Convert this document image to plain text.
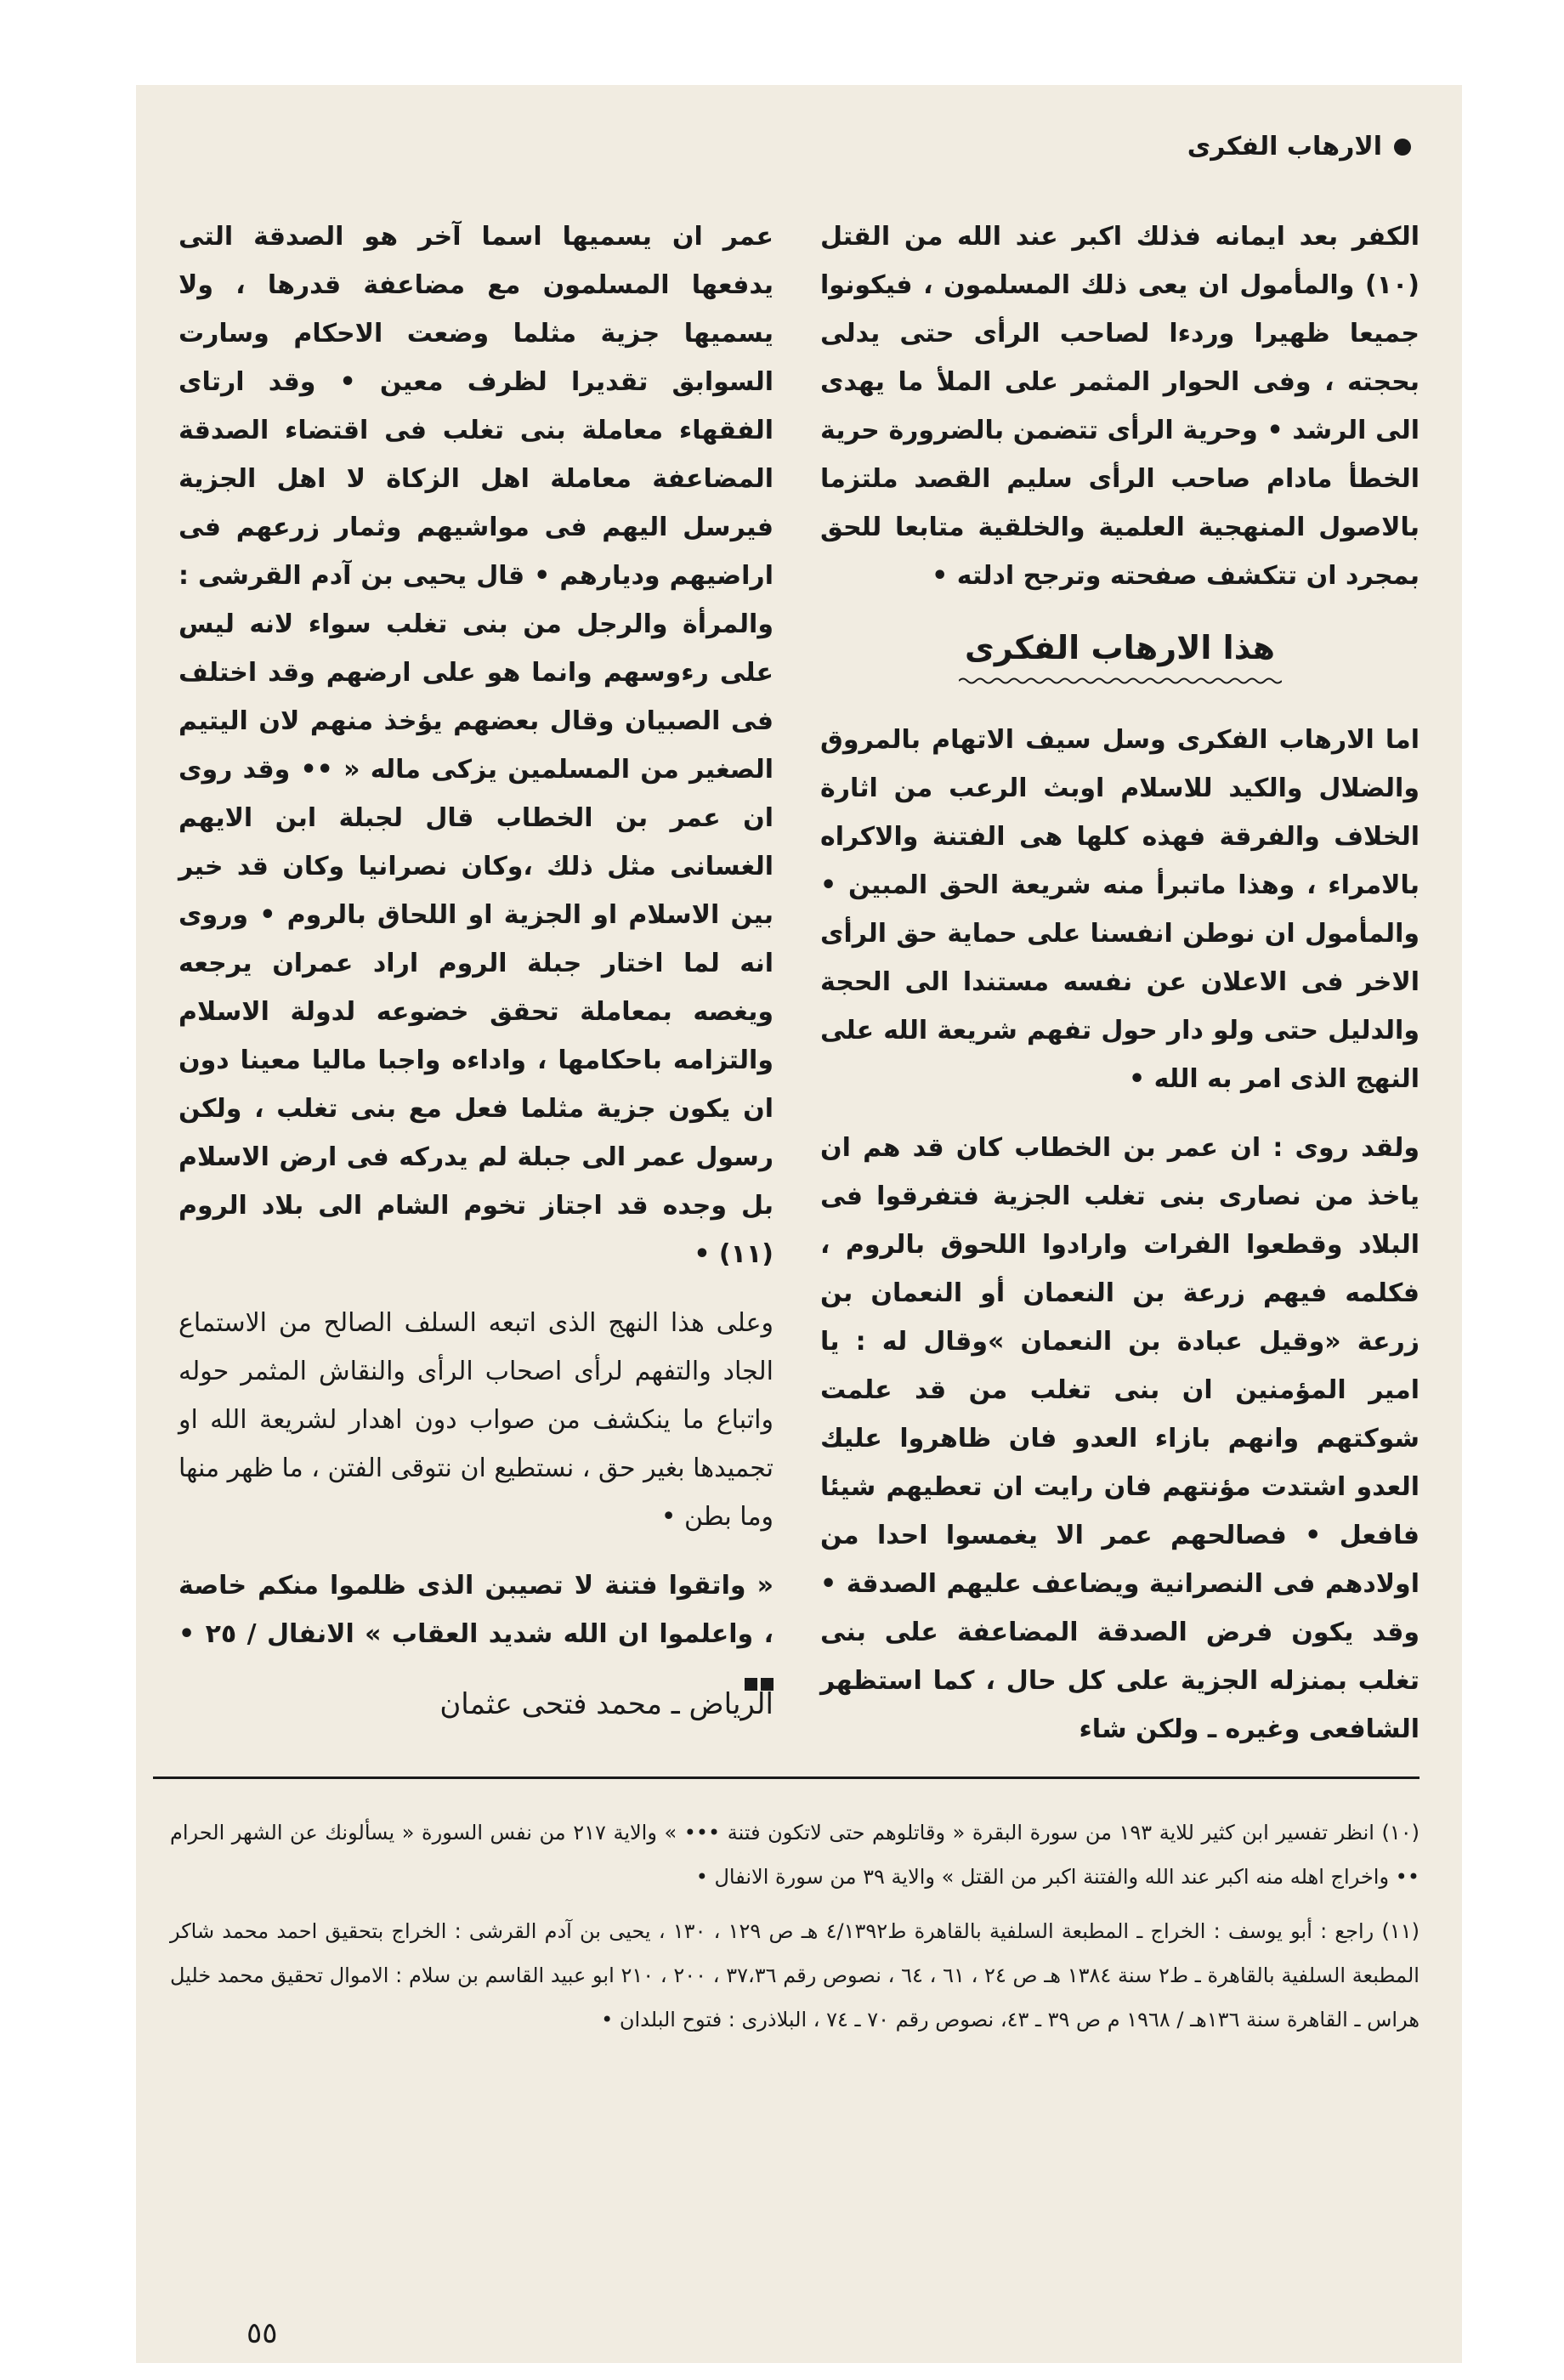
الارهاب الفكرى

الكفر بعد ايمانه فذلك اكبر عند الله من القتل (١٠) والمأمول ان يعى ذلك المسلمون ، فيكونوا جميعا ظهيرا وردءا لصاحب الرأى حتى يدلى بحجته ، وفى الحوار المثمر على الملأ ما يهدى الى الرشد • وحرية الرأى تتضمن بالضرورة حرية الخطأ مادام صاحب الرأى سليم القصد ملتزما بالاصول المنهجية العلمية والخلقية متابعا للحق بمجرد ان تتكشف صفحته وترجح ادلته •

هذا الارهاب الفكرى

اما الارهاب الفكرى وسل سيف الاتهام بالمروق والضلال والكيد للاسلام اوبث الرعب من اثارة الخلاف والفرقة فهذه كلها هى الفتنة والاكراه بالامراء ، وهذا ماتبرأ منه شريعة الحق المبين • والمأمول ان نوطن انفسنا على حماية حق الرأى الاخر فى الاعلان عن نفسه مستندا الى الحجة والدليل حتى ولو دار حول تفهم شريعة الله على النهج الذى امر به الله •

ولقد روى : ان عمر بن الخطاب كان قد هم ان ياخذ من نصارى بنى تغلب الجزية فتفرقوا فى البلاد وقطعوا الفرات وارادوا اللحوق بالروم ، فكلمه فيهم زرعة بن النعمان أو النعمان بن زرعة «وقيل عبادة بن النعمان »وقال له : يا امير المؤمنين ان بنى تغلب من قد علمت شوكتهم وانهم بازاء العدو فان ظاهروا عليك العدو اشتدت مؤنتهم فان رايت ان تعطيهم شيئا فافعل • فصالحهم عمر الا يغمسوا احدا من اولادهم فى النصرانية ويضاعف عليهم الصدقة • وقد يكون فرض الصدقة المضاعفة على بنى تغلب بمنزله الجزية على كل حال ، كما استظهر الشافعى وغيره ـ ولكن شاء

عمر ان يسميها اسما آخر هو الصدقة التى يدفعها المسلمون مع مضاعفة قدرها ، ولا يسميها جزية مثلما وضعت الاحكام وسارت السوابق تقديرا لظرف معين • وقد ارتاى الفقهاء معاملة بنى تغلب فى اقتضاء الصدقة المضاعفة معاملة اهل الزكاة لا اهل الجزية فيرسل اليهم فى مواشيهم وثمار زرعهم فى اراضيهم وديارهم • قال يحيى بن آدم القرشى : والمرأة والرجل من بنى تغلب سواء لانه ليس على رءوسهم وانما هو على ارضهم وقد اختلف فى الصبيان وقال بعضهم يؤخذ منهم لان اليتيم الصغير من المسلمين يزكى ماله « •• وقد روى ان عمر بن الخطاب قال لجبلة ابن الايهم الغسانى مثل ذلك ،وكان نصرانيا وكان قد خير بين الاسلام او الجزية او اللحاق بالروم • وروى انه لما اختار جبلة الروم اراد عمران يرجعه ويغصه بمعاملة تحقق خضوعه لدولة الاسلام والتزامه باحكامها ، واداءه واجبا ماليا معينا دون ان يكون جزية مثلما فعل مع بنى تغلب ، ولكن رسول عمر الى جبلة لم يدركه فى ارض الاسلام بل وجده قد اجتاز تخوم الشام الى بلاد الروم (١١) •

وعلى هذا النهج الذى اتبعه السلف الصالح من الاستماع الجاد والتفهم لرأى اصحاب الرأى والنقاش المثمر حوله واتباع ما ينكشف من صواب دون اهدار لشريعة الله او تجميدها بغير حق ، نستطيع ان نتوقى الفتن ، ما ظهر منها وما بطن •

« واتقوا فتنة لا تصيبن الذى ظلموا منكم خاصة ، واعلموا ان الله شديد العقاب » الانفال / ٢٥ •

الرياض ـ محمد فتحى عثمان

(١٠) انظر تفسير ابن كثير للاية ١٩٣ من سورة البقرة « وقاتلوهم حتى لاتكون فتنة ••• » والاية ٢١٧ من نفس السورة « يسألونك عن الشهر الحرام •• واخراج اهله منه اكبر عند الله والفتنة اكبر من القتل » والاية ٣٩ من سورة الانفال •

(١١) راجع : أبو يوسف : الخراج ـ المطبعة السلفية بالقاهرة ط٤/١٣٩٢ هـ ص ١٢٩ ، ١٣٠ ، يحيى بن آدم القرشى : الخراج بتحقيق احمد محمد شاكر المطبعة السلفية بالقاهرة ـ ط٢ سنة ١٣٨٤ هـ ص ٢٤ ، ٦١ ، ٦٤ ، نصوص رقم ٣٧،٣٦ ، ٢٠٠ ، ٢١٠ ابو عبيد القاسم بن سلام : الاموال تحقيق محمد خليل هراس ـ القاهرة سنة ١٣٦هـ / ١٩٦٨ م ص ٣٩ ـ ٤٣، نصوص رقم ٧٠ ـ ٧٤ ، البلاذرى : فتوح البلدان •

٥٥
